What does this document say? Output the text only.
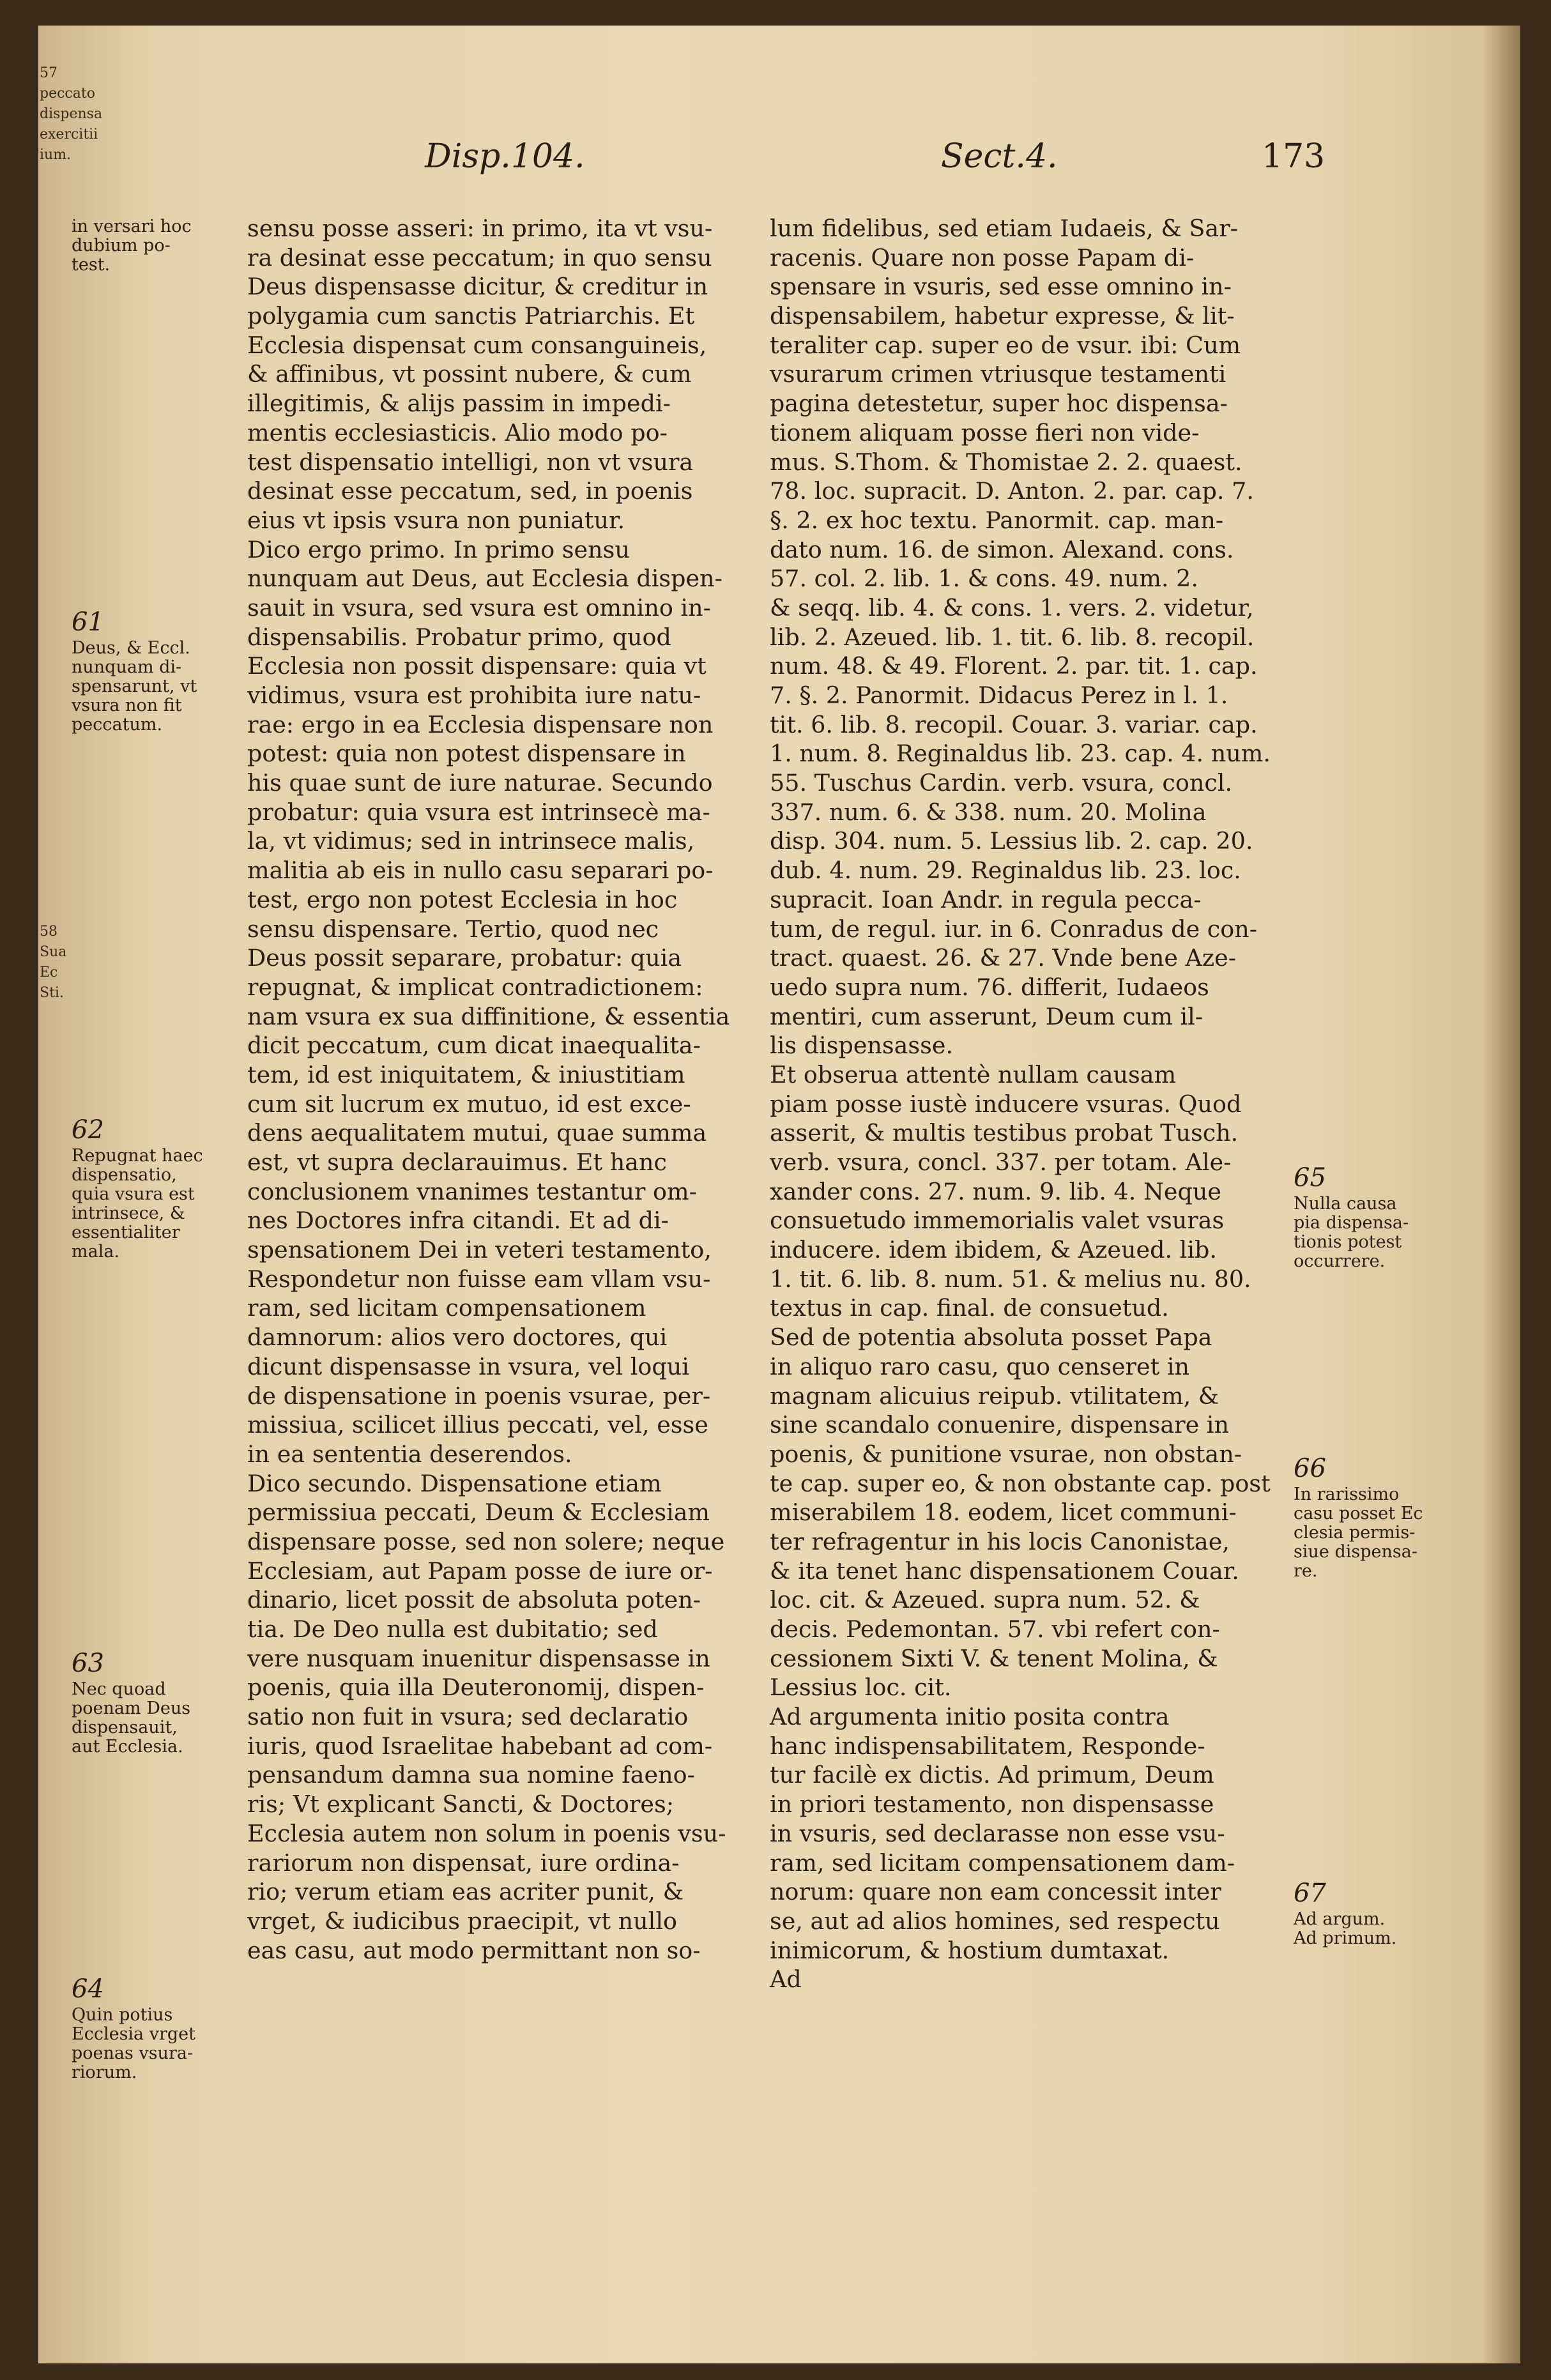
57
peccato
dispensa
exercitii
ium.
58
Sua
Ec
Sti.
Disp.104.	Sect.4.	173
in versari hoc
dubium po-
test.
61
Deus, & Eccl.
nunquam di-
spensarunt, vt
vsura non fit
peccatum.
62
Repugnat haec
dispensatio,
quia vsura est
intrinsece, &
essentialiter
mala.
63
Nec quoad
poenam Deus
dispensauit,
aut Ecclesia.
64
Quin potius
Ecclesia vrget
poenas vsura-
riorum.
sensu posse asseri: in primo, ita vt vsu-
ra desinat esse peccatum; in quo sensu
Deus dispensasse dicitur, & creditur in
polygamia cum sanctis Patriarchis. Et
Ecclesia dispensat cum consanguineis,
& affinibus, vt possint nubere, & cum
illegitimis, & alijs passim in impedi-
mentis ecclesiasticis. Alio modo po-
test dispensatio intelligi, non vt vsura
desinat esse peccatum, sed, in poenis
eius vt ipsis vsura non puniatur.
Dico ergo primo. In primo sensu
nunquam aut Deus, aut Ecclesia dispen-
sauit in vsura, sed vsura est omnino in-
dispensabilis. Probatur primo, quod
Ecclesia non possit dispensare: quia vt
vidimus, vsura est prohibita iure natu-
rae: ergo in ea Ecclesia dispensare non
potest: quia non potest dispensare in
his quae sunt de iure naturae. Secundo
probatur: quia vsura est intrinsecè ma-
la, vt vidimus; sed in intrinsece malis,
malitia ab eis in nullo casu separari po-
test, ergo non potest Ecclesia in hoc
sensu dispensare. Tertio, quod nec
Deus possit separare, probatur: quia
repugnat, & implicat contradictionem:
nam vsura ex sua diffinitione, & essentia
dicit peccatum, cum dicat inaequalita-
tem, id est iniquitatem, & iniustitiam
cum sit lucrum ex mutuo, id est exce-
dens aequalitatem mutui, quae summa
est, vt supra declarauimus. Et hanc
conclusionem vnanimes testantur om-
nes Doctores infra citandi. Et ad di-
spensationem Dei in veteri testamento,
Respondetur non fuisse eam vllam vsu-
ram, sed licitam compensationem
damnorum: alios vero doctores, qui
dicunt dispensasse in vsura, vel loqui
de dispensatione in poenis vsurae, per-
missiua, scilicet illius peccati, vel, esse
in ea sententia deserendos.
Dico secundo. Dispensatione etiam
permissiua peccati, Deum & Ecclesiam
dispensare posse, sed non solere; neque
Ecclesiam, aut Papam posse de iure or-
dinario, licet possit de absoluta poten-
tia. De Deo nulla est dubitatio; sed
vere nusquam inuenitur dispensasse in
poenis, quia illa Deuteronomij, dispen-
satio non fuit in vsura; sed declaratio
iuris, quod Israelitae habebant ad com-
pensandum damna sua nomine faeno-
ris; Vt explicant Sancti, & Doctores;
Ecclesia autem non solum in poenis vsu-
rariorum non dispensat, iure ordina-
rio; verum etiam eas acriter punit, &
vrget, & iudicibus praecipit, vt nullo
eas casu, aut modo permittant non so-
lum fidelibus, sed etiam Iudaeis, & Sar-
racenis. Quare non posse Papam di-
spensare in vsuris, sed esse omnino in-
dispensabilem, habetur expresse, & lit-
teraliter cap. super eo de vsur. ibi: Cum
vsurarum crimen vtriusque testamenti
pagina detestetur, super hoc dispensa-
tionem aliquam posse fieri non vide-
mus. S.Thom. & Thomistae 2. 2. quaest.
78. loc. supracit. D. Anton. 2. par. cap. 7.
§. 2. ex hoc textu. Panormit. cap. man-
dato num. 16. de simon. Alexand. cons.
57. col. 2. lib. 1. & cons. 49. num. 2.
& seqq. lib. 4. & cons. 1. vers. 2. videtur,
lib. 2. Azeued. lib. 1. tit. 6. lib. 8. recopil.
num. 48. & 49. Florent. 2. par. tit. 1. cap.
7. §. 2. Panormit. Didacus Perez in l. 1.
tit. 6. lib. 8. recopil. Couar. 3. variar. cap.
1. num. 8. Reginaldus lib. 23. cap. 4. num.
55. Tuschus Cardin. verb. vsura, concl.
337. num. 6. & 338. num. 20. Molina
disp. 304. num. 5. Lessius lib. 2. cap. 20.
dub. 4. num. 29. Reginaldus lib. 23. loc.
supracit. Ioan Andr. in regula pecca-
tum, de regul. iur. in 6. Conradus de con-
tract. quaest. 26. & 27. Vnde bene Aze-
uedo supra num. 76. differit, Iudaeos
mentiri, cum asserunt, Deum cum il-
lis dispensasse.
Et obserua attentè nullam causam
piam posse iustè inducere vsuras. Quod
asserit, & multis testibus probat Tusch.
verb. vsura, concl. 337. per totam. Ale-
xander cons. 27. num. 9. lib. 4. Neque
consuetudo immemorialis valet vsuras
inducere. idem ibidem, & Azeued. lib.
1. tit. 6. lib. 8. num. 51. & melius nu. 80.
textus in cap. final. de consuetud.
Sed de potentia absoluta posset Papa
in aliquo raro casu, quo censeret in
magnam alicuius reipub. vtilitatem, &
sine scandalo conuenire, dispensare in
poenis, & punitione vsurae, non obstan-
te cap. super eo, & non obstante cap. post
miserabilem 18. eodem, licet communi-
ter refragentur in his locis Canonistae,
& ita tenet hanc dispensationem Couar.
loc. cit. & Azeued. supra num. 52. &
decis. Pedemontan. 57. vbi refert con-
cessionem Sixti V. & tenent Molina, &
Lessius loc. cit.
Ad argumenta initio posita contra
hanc indispensabilitatem, Responde-
tur facilè ex dictis. Ad primum, Deum
in priori testamento, non dispensasse
in vsuris, sed declarasse non esse vsu-
ram, sed licitam compensationem dam-
norum: quare non eam concessit inter
se, aut ad alios homines, sed respectu
inimicorum, & hostium dumtaxat.
Ad
65
Nulla causa
pia dispensa-
tionis potest
occurrere.
66
In rarissimo
casu posset Ec
clesia permis-
siue dispensa-
re.
67
Ad argum.
Ad primum.
